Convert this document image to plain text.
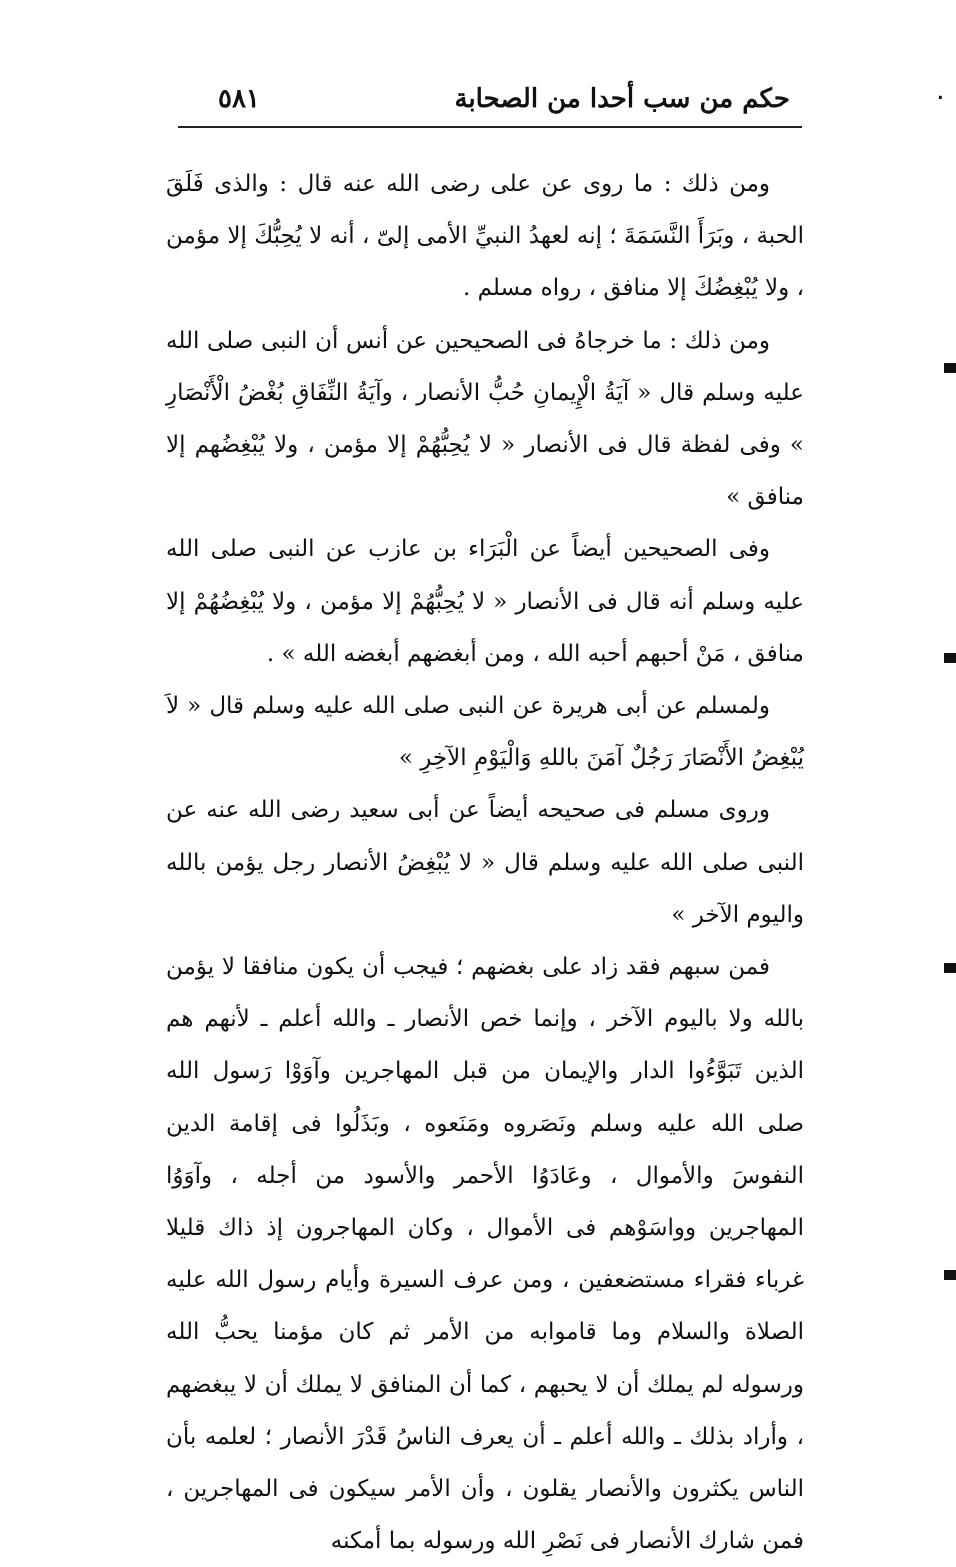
حكم من سب أحدا من الصحابة
٥٨١	٠

ومن ذلك : ما روى عن على رضى الله عنه قال : والذى فَلَقَ الحبة ، وبَرَأَ النَّسَمَةَ ؛ إنه لعهدُ النبيِّ الأمى إلىّ ، أنه لا يُحِبُّكَ إلا مؤمن ، ولا يُبْغِضُكَ إلا منافق ، رواه مسلم .

ومن ذلك : ما خرجاهُ فى الصحيحين عن أنس أن النبى صلى الله عليه وسلم قال « آيَةُ الْإِيمانِ حُبُّ الأنصار ، وآيَةُ النِّفَاقِ بُغْضُ الْأَنْصَارِ » وفى لفظة قال فى الأنصار « لا يُحِبُّهُمْ إلا مؤمن ، ولا يُبْغِضُهم إلا منافق »

وفى الصحيحين أيضاً عن الْبَرَاء بن عازب عن النبى صلى الله عليه وسلم أنه قال فى الأنصار « لا يُحِبُّهُمْ إلا مؤمن ، ولا يُبْغِضُهُمْ إلا منافق ، مَنْ أحبهم أحبه الله ، ومن أبغضهم أبغضه الله » .

ولمسلم عن أبى هريرة عن النبى صلى الله عليه وسلم قال « لاَ يُبْغِضُ الأَنْصَارَ رَجُلٌ آمَنَ باللهِ وَالْيَوْمِ الآخِرِ »

وروى مسلم فى صحيحه أيضاً عن أبى سعيد رضى الله عنه عن النبى صلى الله عليه وسلم قال « لا يُبْغِضُ الأنصار رجل يؤمن بالله واليوم الآخر »

فمن سبهم فقد زاد على بغضهم ؛ فيجب أن يكون منافقا لا يؤمن بالله ولا باليوم الآخر ، وإنما خص الأنصار ـ والله أعلم ـ لأنهم هم الذين تَبَوَّءُوا الدار والإيمان من قبل المهاجرين وآوَوْا رَسول الله صلى الله عليه وسلم ونَصَروه ومَنَعوه ، وبَذَلُوا فى إقامة الدين النفوسَ والأموال ، وعَادَوُا الأحمر والأسود من أجله ، وآوَوُا المهاجرين وواسَوْهم فى الأموال ، وكان المهاجرون إذ ذاك قليلا غرباء فقراء مستضعفين ، ومن عرف السيرة وأيام رسول الله عليه الصلاة والسلام وما قاموابه من الأمر ثم كان مؤمنا يحبُّ الله ورسوله لم يملك أن لا يحبهم ، كما أن المنافق لا يملك أن لا يبغضهم ، وأراد بذلك ـ والله أعلم ـ أن يعرف الناسُ قَدْرَ الأنصار ؛ لعلمه بأن الناس يكثرون والأنصار يقلون ، وأن الأمر سيكون فى المهاجرين ، فمن شارك الأنصار فى نَصْرِ الله ورسوله بما أمكنه
